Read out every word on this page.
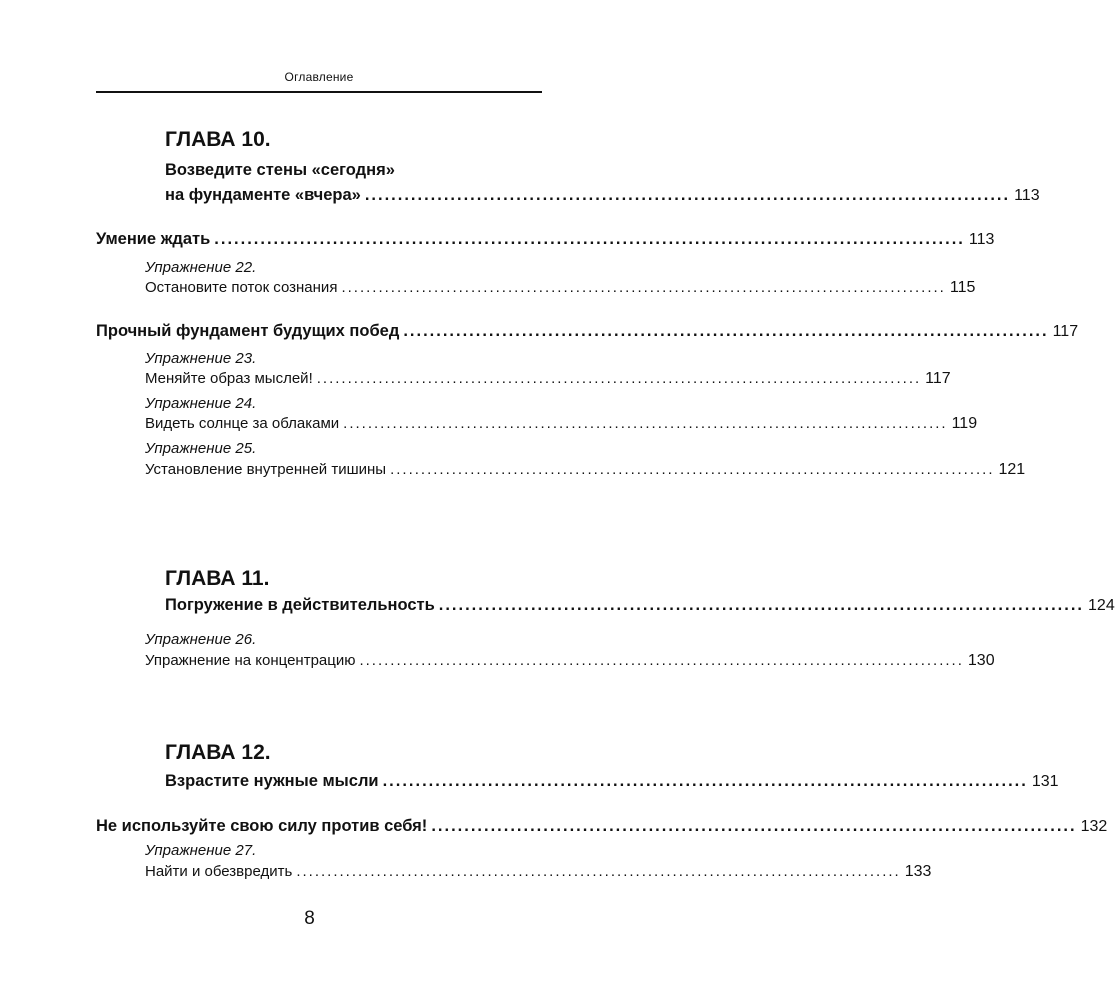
Оглавление
ГЛАВА 10.
Возведите стены «сегодня»
на фундаменте «вчера» .................................................................................................. 113
Умение ждать .................................................................................................................. 113
Упражнение 22.
Остановите поток сознания .................................................................................................. 115
Прочный фундамент будущих побед .................................................................................................. 117
Упражнение 23.
Меняйте образ мыслей! .................................................................................................. 117
Упражнение 24.
Видеть солнце за облаками .................................................................................................. 119
Упражнение 25.
Установление внутренней тишины .................................................................................................. 121
ГЛАВА 11.
Погружение в действительность .................................................................................................. 124
Упражнение 26.
Упражнение на концентрацию .................................................................................................. 130
ГЛАВА 12.
Взрастите нужные мысли .................................................................................................. 131
Не используйте свою силу против себя! .................................................................................................. 132
Упражнение 27.
Найти и обезвредить .................................................................................................. 133
8
